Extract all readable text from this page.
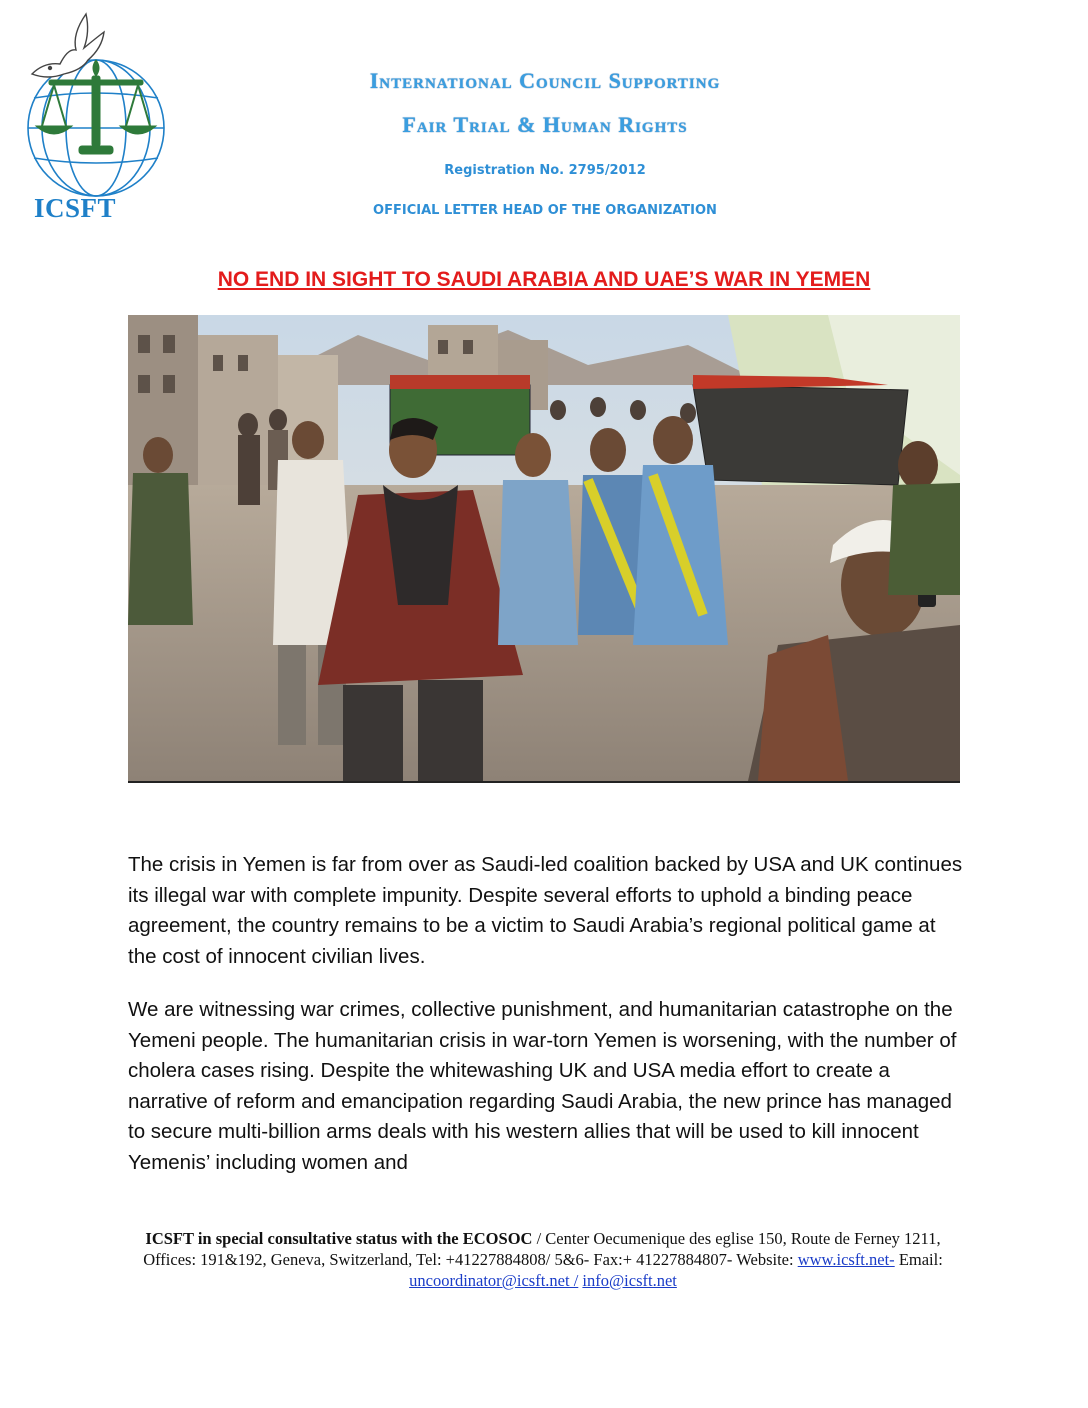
ICSFT
International Council Supporting
Fair Trial & Human Rights
Registration No. 2795/2012
OFFICIAL LETTER HEAD OF THE ORGANIZATION
NO END IN SIGHT TO SAUDI ARABIA AND UAE’S WAR IN YEMEN

The crisis in Yemen is far from over as Saudi-led coalition backed by USA and UK continues its illegal war with complete impunity. Despite several efforts to uphold a binding peace agreement, the country remains to be a victim to Saudi Arabia’s regional political game at the cost of innocent civilian lives.

We are witnessing war crimes, collective punishment, and humanitarian catastrophe on the Yemeni people. The humanitarian crisis in war-torn Yemen is worsening, with the number of cholera cases rising. Despite the whitewashing UK and USA media effort to create a narrative of reform and emancipation regarding Saudi Arabia, the new prince has managed to secure multi-billion arms deals with his western allies that will be used to kill innocent Yemenis’ including women and

ICSFT in special consultative status with the ECOSOC / Center Oecumenique des eglise 150, Route de Ferney 1211, Offices: 191&192, Geneva, Switzerland, Tel: +41227884808/ 5&6- Fax:+ 41227884807- Website: www.icsft.net- Email: uncoordinator@icsft.net / info@icsft.net
